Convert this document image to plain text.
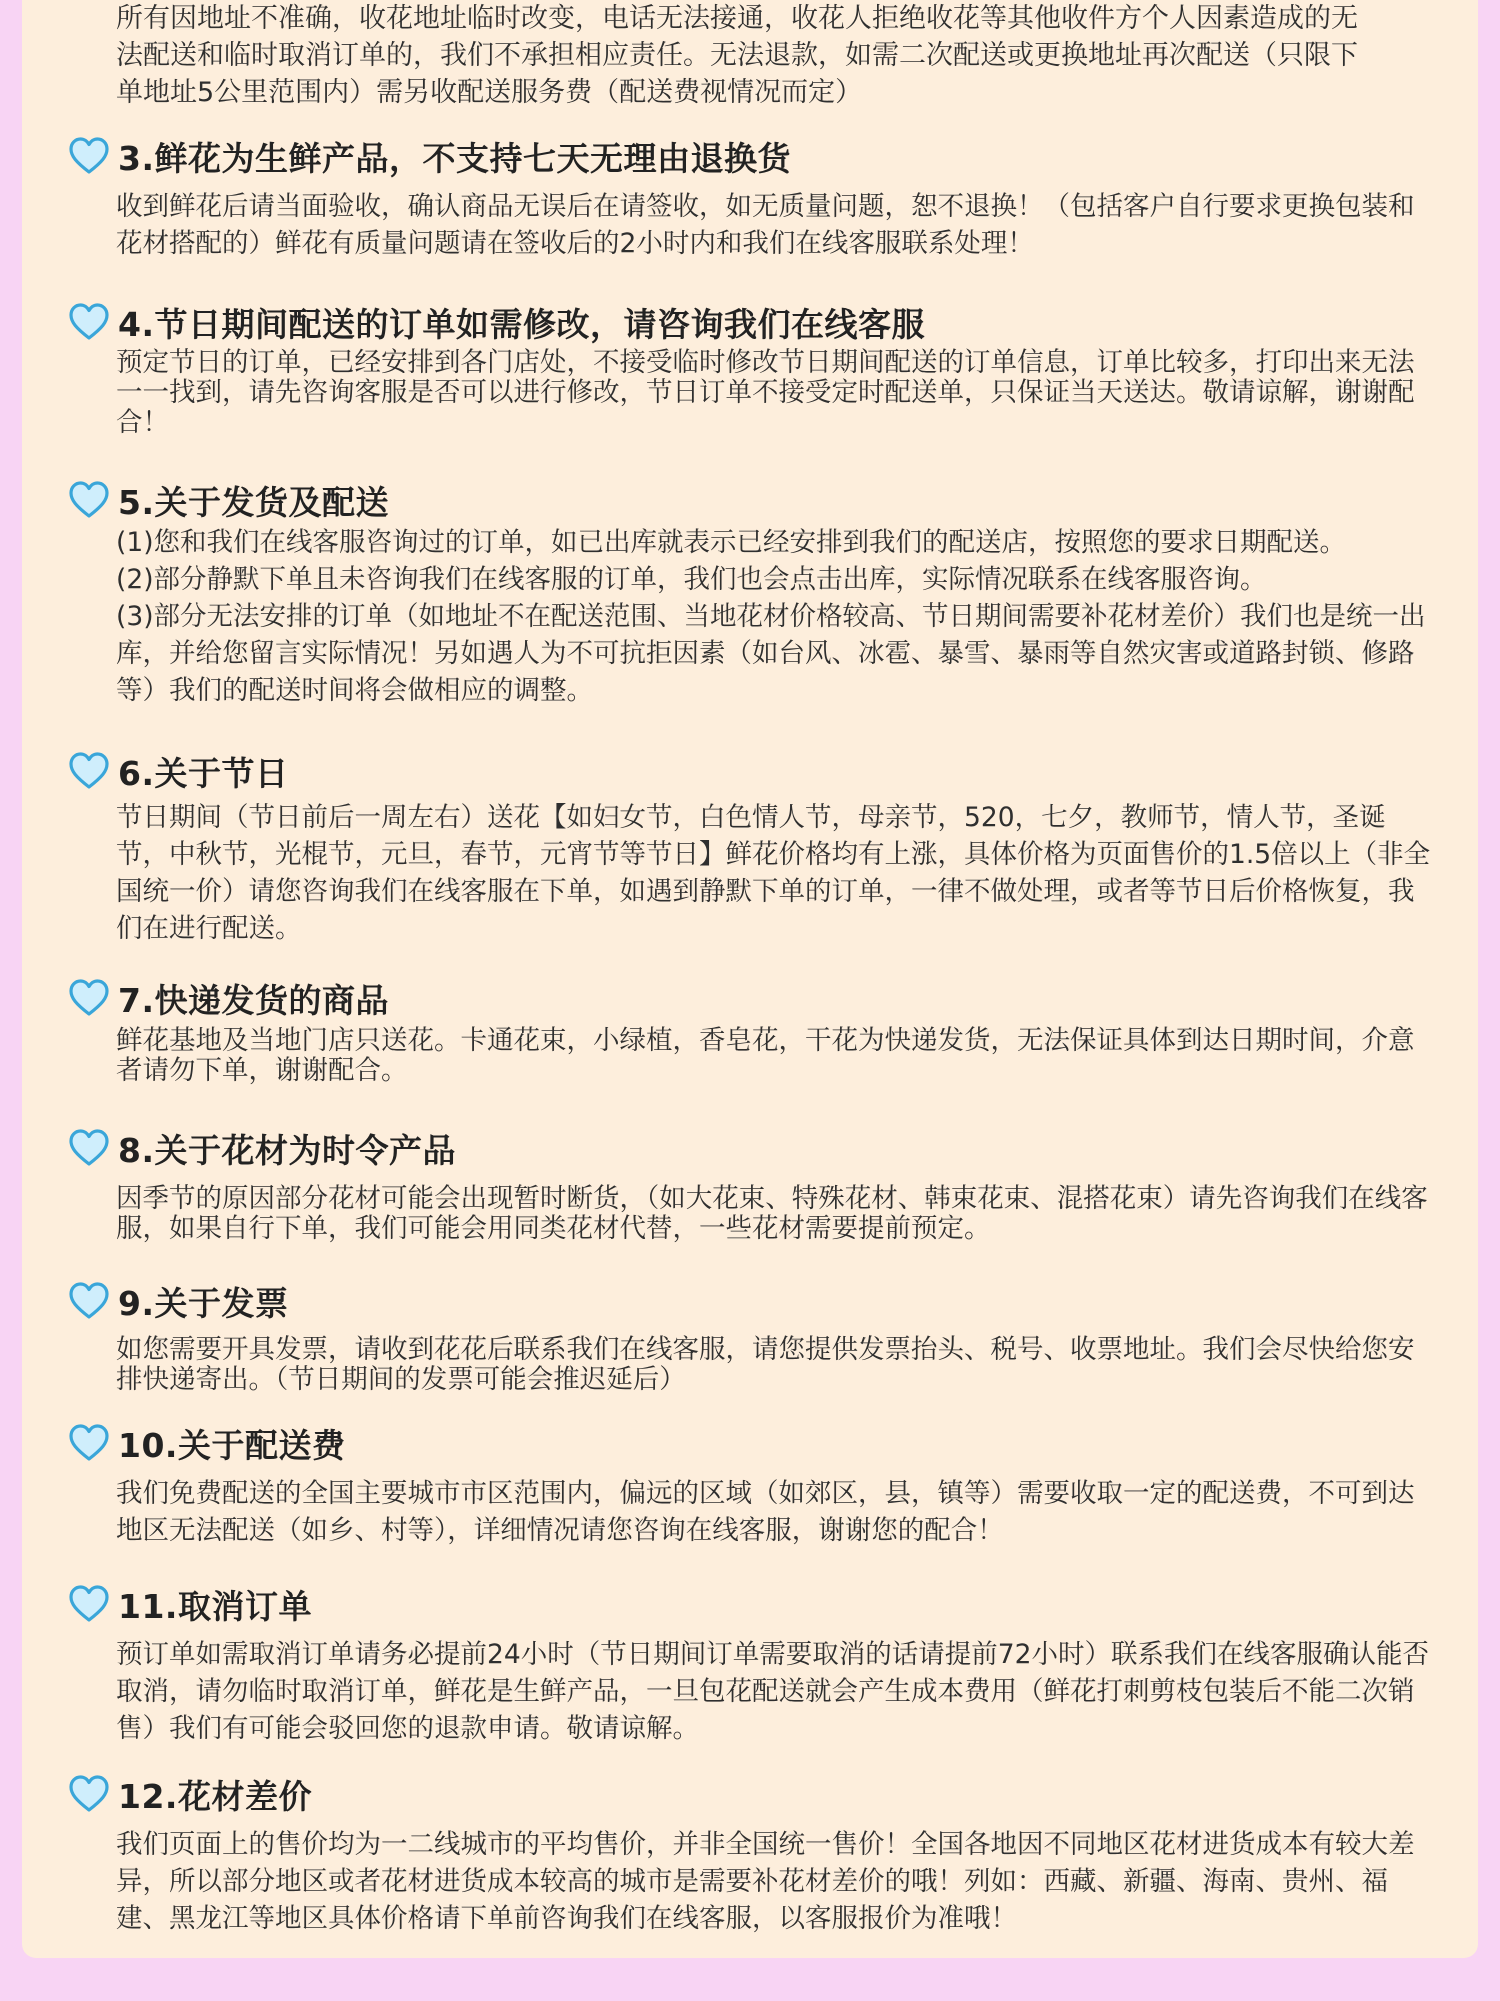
所有因地址不准确，收花地址临时改变，电话无法接通，收花人拒绝收花等其他收件方个人因素造成的无

法配送和临时取消订单的，我们不承担相应责任。无法退款，如需二次配送或更换地址再次配送（只限下

单地址5公里范围内）需另收配送服务费（配送费视情况而定）

3.鲜花为生鲜产品，不支持七天无理由退换货

收到鲜花后请当面验收，确认商品无误后在请签收，如无质量问题，恕不退换！（包括客户自行要求更换包装和花材搭配的）鲜花有质量问题请在签收后的2小时内和我们在线客服联系处理！

4.节日期间配送的订单如需修改，请咨询我们在线客服

预定节日的订单，已经安排到各门店处，不接受临时修改节日期间配送的订单信息，订单比较多，打印出来无法一一找到，请先咨询客服是否可以进行修改，节日订单不接受定时配送单，只保证当天送达。敬请谅解，谢谢配合！

5.关于发货及配送

(1)您和我们在线客服咨询过的订单，如已出库就表示已经安排到我们的配送店，按照您的要求日期配送。

(2)部分静默下单且未咨询我们在线客服的订单，我们也会点击出库，实际情况联系在线客服咨询。

(3)部分无法安排的订单（如地址不在配送范围、当地花材价格较高、节日期间需要补花材差价）我们也是统一出库，并给您留言实际情况！另如遇人为不可抗拒因素（如台风、冰雹、暴雪、暴雨等自然灾害或道路封锁、修路等）我们的配送时间将会做相应的调整。

6.关于节日

节日期间（节日前后一周左右）送花【如妇女节，白色情人节，母亲节，520，七夕，教师节，情人节，圣诞节，中秋节，光棍节，元旦，春节，元宵节等节日】鲜花价格均有上涨，具体价格为页面售价的1.5倍以上（非全国统一价）请您咨询我们在线客服在下单，如遇到静默下单的订单，一律不做处理，或者等节日后价格恢复，我们在进行配送。

7.快递发货的商品

鲜花基地及当地门店只送花。卡通花束，小绿植，香皂花，干花为快递发货，无法保证具体到达日期时间，介意者请勿下单，谢谢配合。

8.关于花材为时令产品

因季节的原因部分花材可能会出现暂时断货，（如大花束、特殊花材、韩束花束、混搭花束）请先咨询我们在线客服，如果自行下单，我们可能会用同类花材代替，一些花材需要提前预定。

9.关于发票

如您需要开具发票，请收到花花后联系我们在线客服，请您提供发票抬头、税号、收票地址。我们会尽快给您安排快递寄出。（节日期间的发票可能会推迟延后）

10.关于配送费

我们免费配送的全国主要城市市区范围内，偏远的区域（如郊区，县，镇等）需要收取一定的配送费，不可到达地区无法配送（如乡、村等），详细情况请您咨询在线客服，谢谢您的配合！

11.取消订单

预订单如需取消订单请务必提前24小时（节日期间订单需要取消的话请提前72小时）联系我们在线客服确认能否取消，请勿临时取消订单，鲜花是生鲜产品，一旦包花配送就会产生成本费用（鲜花打刺剪枝包装后不能二次销售）我们有可能会驳回您的退款申请。敬请谅解。

12.花材差价

我们页面上的售价均为一二线城市的平均售价，并非全国统一售价！全国各地因不同地区花材进货成本有较大差异，所以部分地区或者花材进货成本较高的城市是需要补花材差价的哦！列如：西藏、新疆、海南、贵州、福建、黑龙江等地区具体价格请下单前咨询我们在线客服，以客服报价为准哦！
